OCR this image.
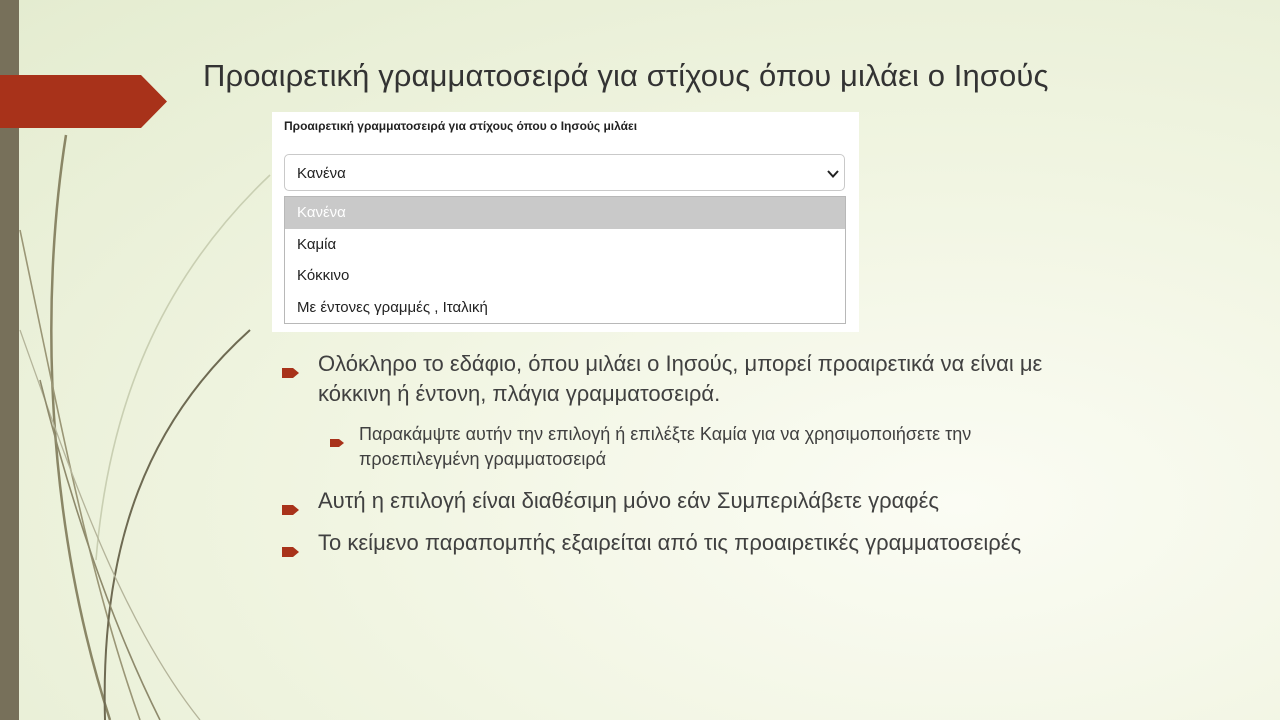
Προαιρετική γραμματοσειρά για στίχους όπου μιλάει ο Ιησούς
Προαιρετική γραμματοσειρά για στίχους όπου ο Ιησούς μιλάει
Κανένα
Κανένα
Καμία
Κόκκινο
Με έντονες γραμμές , Ιταλική
Ολόκληρο το εδάφιο, όπου μιλάει ο Ιησούς, μπορεί προαιρετικά να είναι με
κόκκινη ή έντονη, πλάγια γραμματοσειρά.
Παρακάμψτε αυτήν την επιλογή ή επιλέξτε Καμία για να χρησιμοποιήσετε την
προεπιλεγμένη γραμματοσειρά
Αυτή η επιλογή είναι διαθέσιμη μόνο εάν Συμπεριλάβετε γραφές
Το κείμενο παραπομπής εξαιρείται από τις προαιρετικές γραμματοσειρές
